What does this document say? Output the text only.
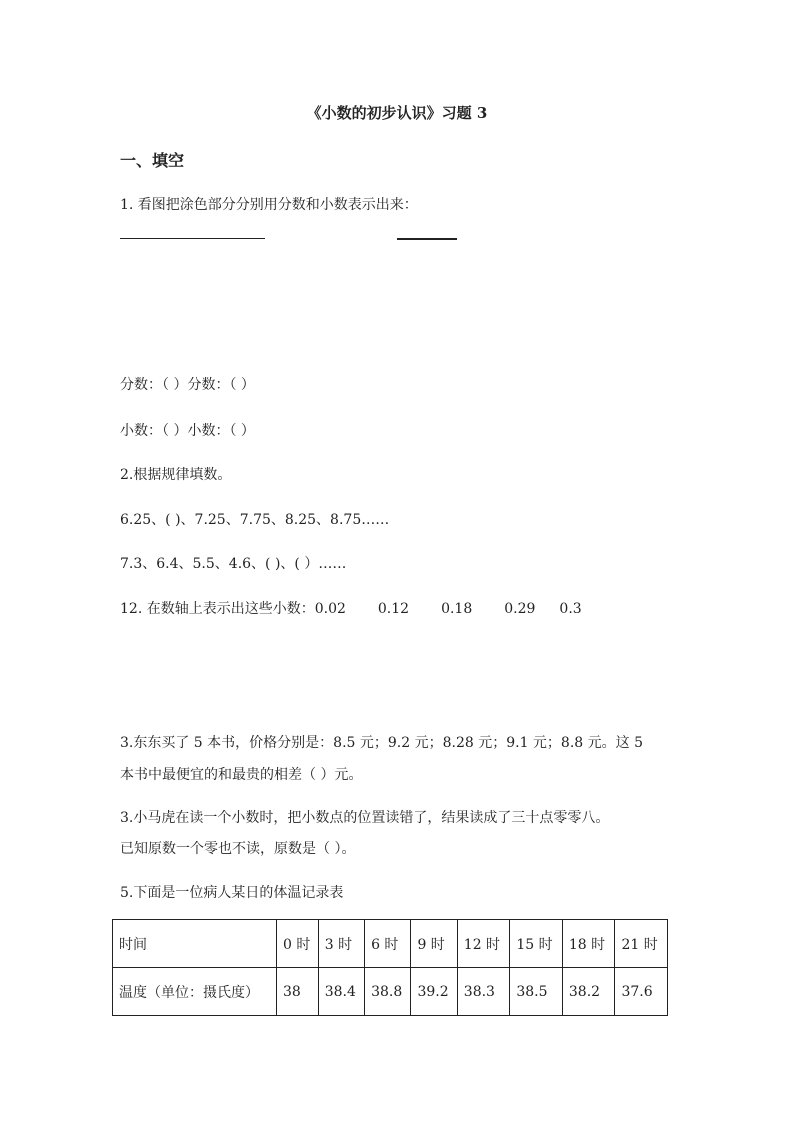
《小数的初步认识》习题 3
一、填空
1. 看图把涂色部分分别用分数和小数表示出来：
分数：（ ）分数：（ ）
小数：（ ）小数：（ ）
2.根据规律填数。
6.25、( )、7.25、7.75、8.25、8.75……
7.3、6.4、5.5、4.6、( )、( ）……
12. 在数轴上表示出这些小数：0.02 0.12 0.18 0.29 0.3
3.东东买了 5 本书，价格分别是：8.5 元；9.2 元；8.28 元；9.1 元；8.8 元。这 5
本书中最便宜的和最贵的相差（ ）元。
3.小马虎在读一个小数时，把小数点的位置读错了，结果读成了三十点零零八。
已知原数一个零也不读，原数是（ ）。
5.下面是一位病人某日的体温记录表
时间	0 时	3 时	6 时	9 时	12 时	15 时	18 时	21 时
温度（单位：摄氏度）	38	38.4	38.8	39.2	38.3	38.5	38.2	37.6
